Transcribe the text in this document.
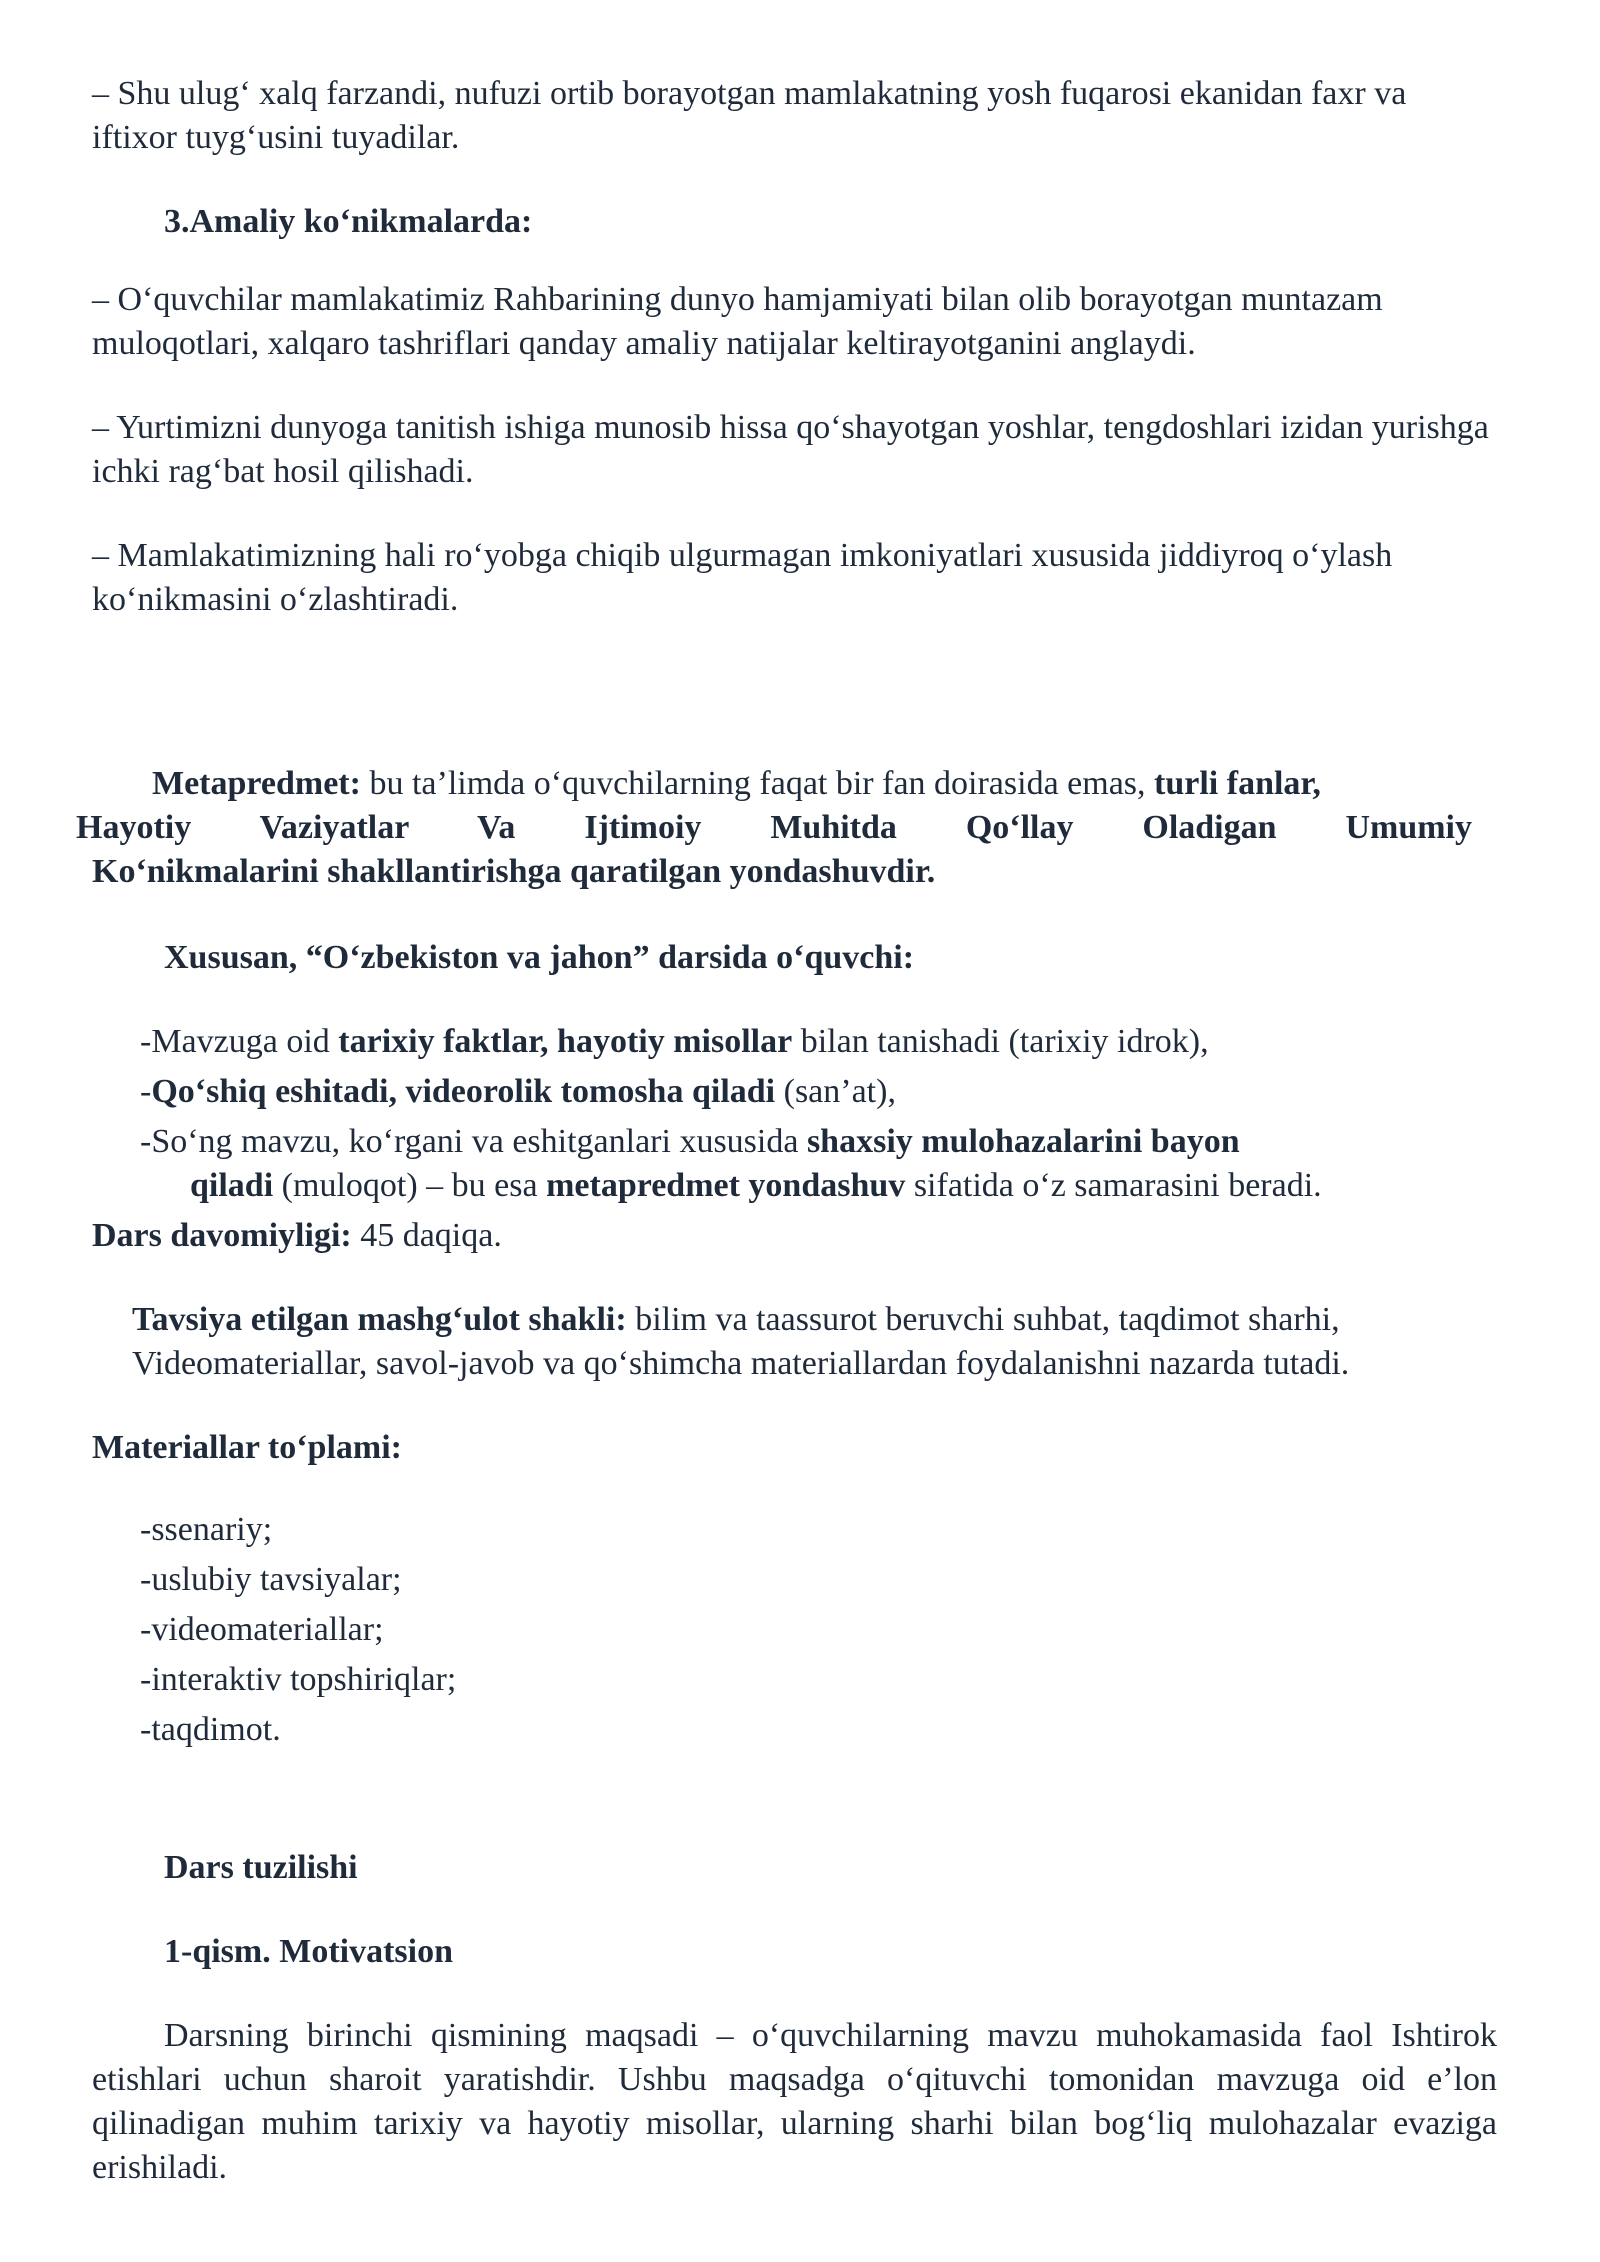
– Shu ulug‘ xalq farzandi, nufuzi ortib borayotgan mamlakatning yosh fuqarosi ekanidan faxr va iftixor tuyg‘usini tuyadilar.

3.Amaliy ko‘nikmalarda:

– O‘quvchilar mamlakatimiz Rahbarining dunyo hamjamiyati bilan olib borayotgan muntazam muloqotlari, xalqaro tashriflari qanday amaliy natijalar keltirayotganini anglaydi.

– Yurtimizni dunyoga tanitish ishiga munosib hissa qo‘shayotgan yoshlar, tengdoshlari izidan yurishga ichki rag‘bat hosil qilishadi.

– Mamlakatimizning hali ro‘yobga chiqib ulgurmagan imkoniyatlari xususida jiddiyroq o‘ylash ko‘nikmasini o‘zlashtiradi.

Metapredmet: bu ta’limda o‘quvchilarning faqat bir fan doirasida emas, turli fanlar,

Hayotiy Vaziyatlar Va Ijtimoiy Muhitda Qo‘llay Oladigan Umumiy

Ko‘nikmalarini shakllantirishga qaratilgan yondashuvdir.

Xususan, “O‘zbekiston va jahon” darsida o‘quvchi:

-Mavzuga oid tarixiy faktlar, hayotiy misollar bilan tanishadi (tarixiy idrok),

-Qo‘shiq eshitadi, videorolik tomosha qiladi (san’at),

-So‘ng mavzu, ko‘rgani va eshitganlari xususida shaxsiy mulohazalarini bayon

qiladi (muloqot) – bu esa metapredmet yondashuv sifatida o‘z samarasini beradi.

Dars davomiyligi: 45 daqiqa.

Tavsiya etilgan mashg‘ulot shakli: bilim va taassurot beruvchi suhbat, taqdimot sharhi, Videomateriallar, savol-javob va qo‘shimcha materiallardan foydalanishni nazarda tutadi.

Materiallar to‘plami:

-ssenariy;

-uslubiy tavsiyalar;

-videomateriallar;

-interaktiv topshiriqlar;

-taqdimot.

Dars tuzilishi

1-qism. Motivatsion

Darsning birinchi qismining maqsadi – o‘quvchilarning mavzu muhokamasida faol Ishtirok etishlari uchun sharoit yaratishdir. Ushbu maqsadga o‘qituvchi tomonidan mavzuga oid e’lon qilinadigan muhim tarixiy va hayotiy misollar, ularning sharhi bilan bog‘liq mulohazalar evaziga erishiladi.
